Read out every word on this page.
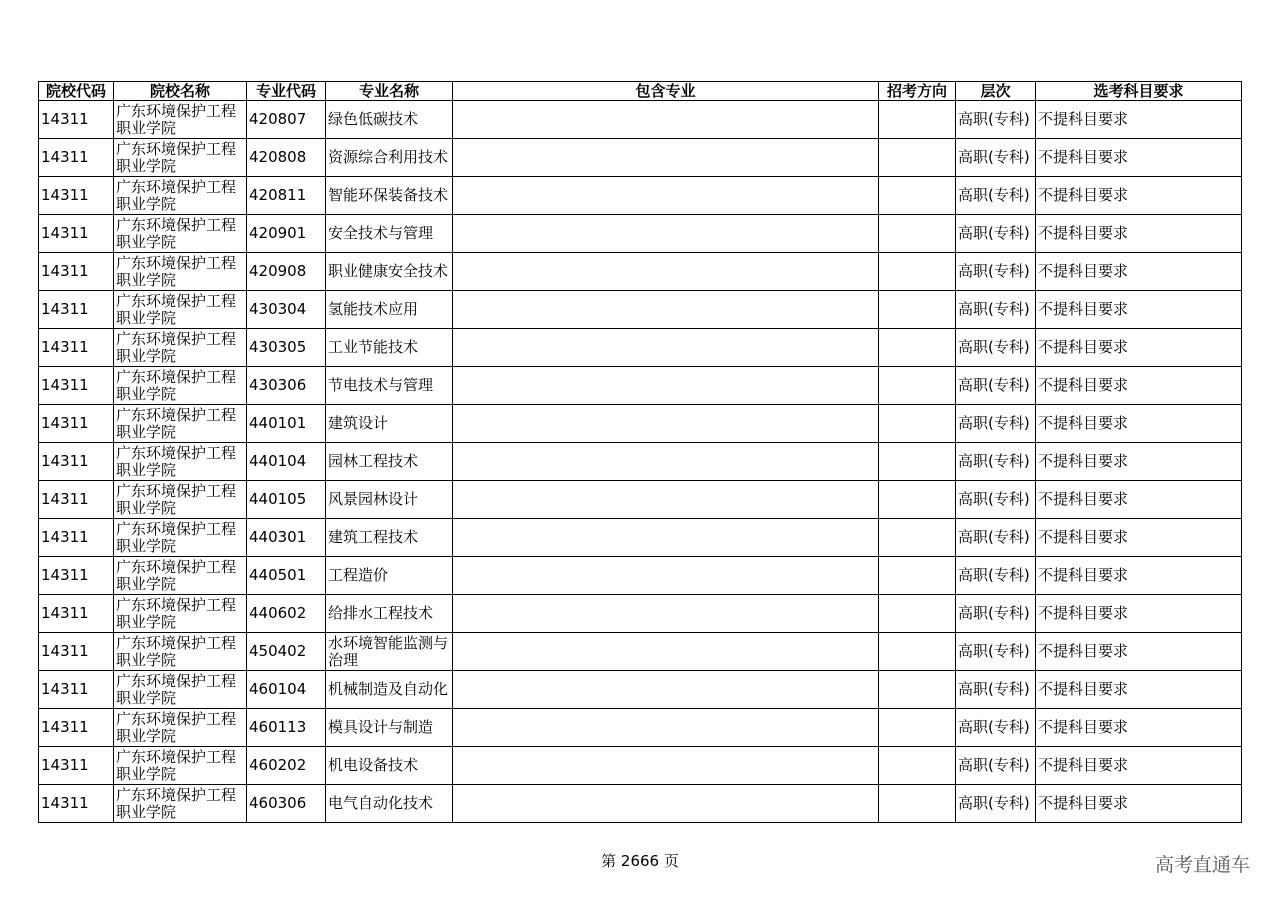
院校代码	院校名称	专业代码	专业名称	包含专业	招考方向	层次	选考科目要求
14311	广东环境保护工程职业学院	420807	绿色低碳技术			高职(专科)	不提科目要求
14311	广东环境保护工程职业学院	420808	资源综合利用技术			高职(专科)	不提科目要求
14311	广东环境保护工程职业学院	420811	智能环保装备技术			高职(专科)	不提科目要求
14311	广东环境保护工程职业学院	420901	安全技术与管理			高职(专科)	不提科目要求
14311	广东环境保护工程职业学院	420908	职业健康安全技术			高职(专科)	不提科目要求
14311	广东环境保护工程职业学院	430304	氢能技术应用			高职(专科)	不提科目要求
14311	广东环境保护工程职业学院	430305	工业节能技术			高职(专科)	不提科目要求
14311	广东环境保护工程职业学院	430306	节电技术与管理			高职(专科)	不提科目要求
14311	广东环境保护工程职业学院	440101	建筑设计			高职(专科)	不提科目要求
14311	广东环境保护工程职业学院	440104	园林工程技术			高职(专科)	不提科目要求
14311	广东环境保护工程职业学院	440105	风景园林设计			高职(专科)	不提科目要求
14311	广东环境保护工程职业学院	440301	建筑工程技术			高职(专科)	不提科目要求
14311	广东环境保护工程职业学院	440501	工程造价			高职(专科)	不提科目要求
14311	广东环境保护工程职业学院	440602	给排水工程技术			高职(专科)	不提科目要求
14311	广东环境保护工程职业学院	450402	水环境智能监测与治理			高职(专科)	不提科目要求
14311	广东环境保护工程职业学院	460104	机械制造及自动化			高职(专科)	不提科目要求
14311	广东环境保护工程职业学院	460113	模具设计与制造			高职(专科)	不提科目要求
14311	广东环境保护工程职业学院	460202	机电设备技术			高职(专科)	不提科目要求
14311	广东环境保护工程职业学院	460306	电气自动化技术			高职(专科)	不提科目要求
第 2666 页	高考直通车
